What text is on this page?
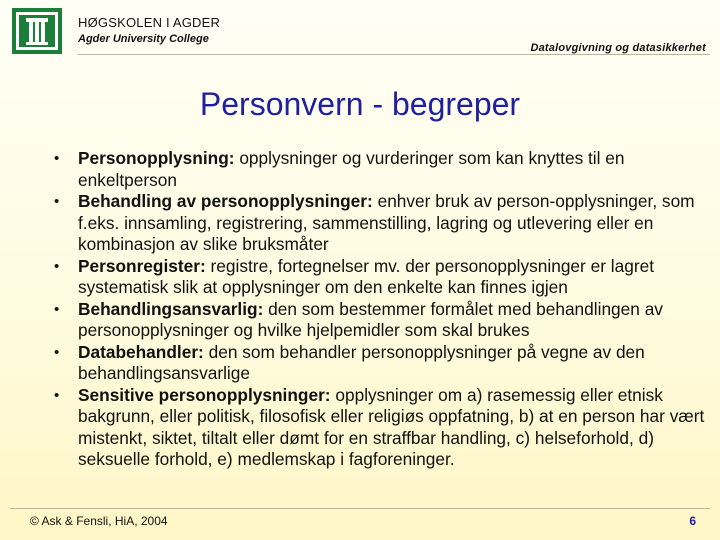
HØGSKOLEN I AGDER
Agder University College
Datalovgivning og datasikkerhet
Personvern - begreper
• Personopplysning: opplysninger og vurderinger som kan knyttes til en enkeltperson
• Behandling av personopplysninger: enhver bruk av person-opplysninger, som f.eks. innsamling, registrering, sammenstilling, lagring og utlevering eller en kombinasjon av slike bruksmåter
• Personregister: registre, fortegnelser mv. der personopplysninger er lagret systematisk slik at opplysninger om den enkelte kan finnes igjen
• Behandlingsansvarlig: den som bestemmer formålet med behandlingen av personopplysninger og hvilke hjelpemidler som skal brukes
• Databehandler: den som behandler personopplysninger på vegne av den behandlingsansvarlige
• Sensitive personopplysninger: opplysninger om a) rasemessig eller etnisk bakgrunn, eller politisk, filosofisk eller religiøs oppfatning, b) at en person har vært mistenkt, siktet, tiltalt eller dømt for en straffbar handling, c) helseforhold, d) seksuelle forhold, e) medlemskap i fagforeninger.
© Ask & Fensli, HiA, 2004	6
